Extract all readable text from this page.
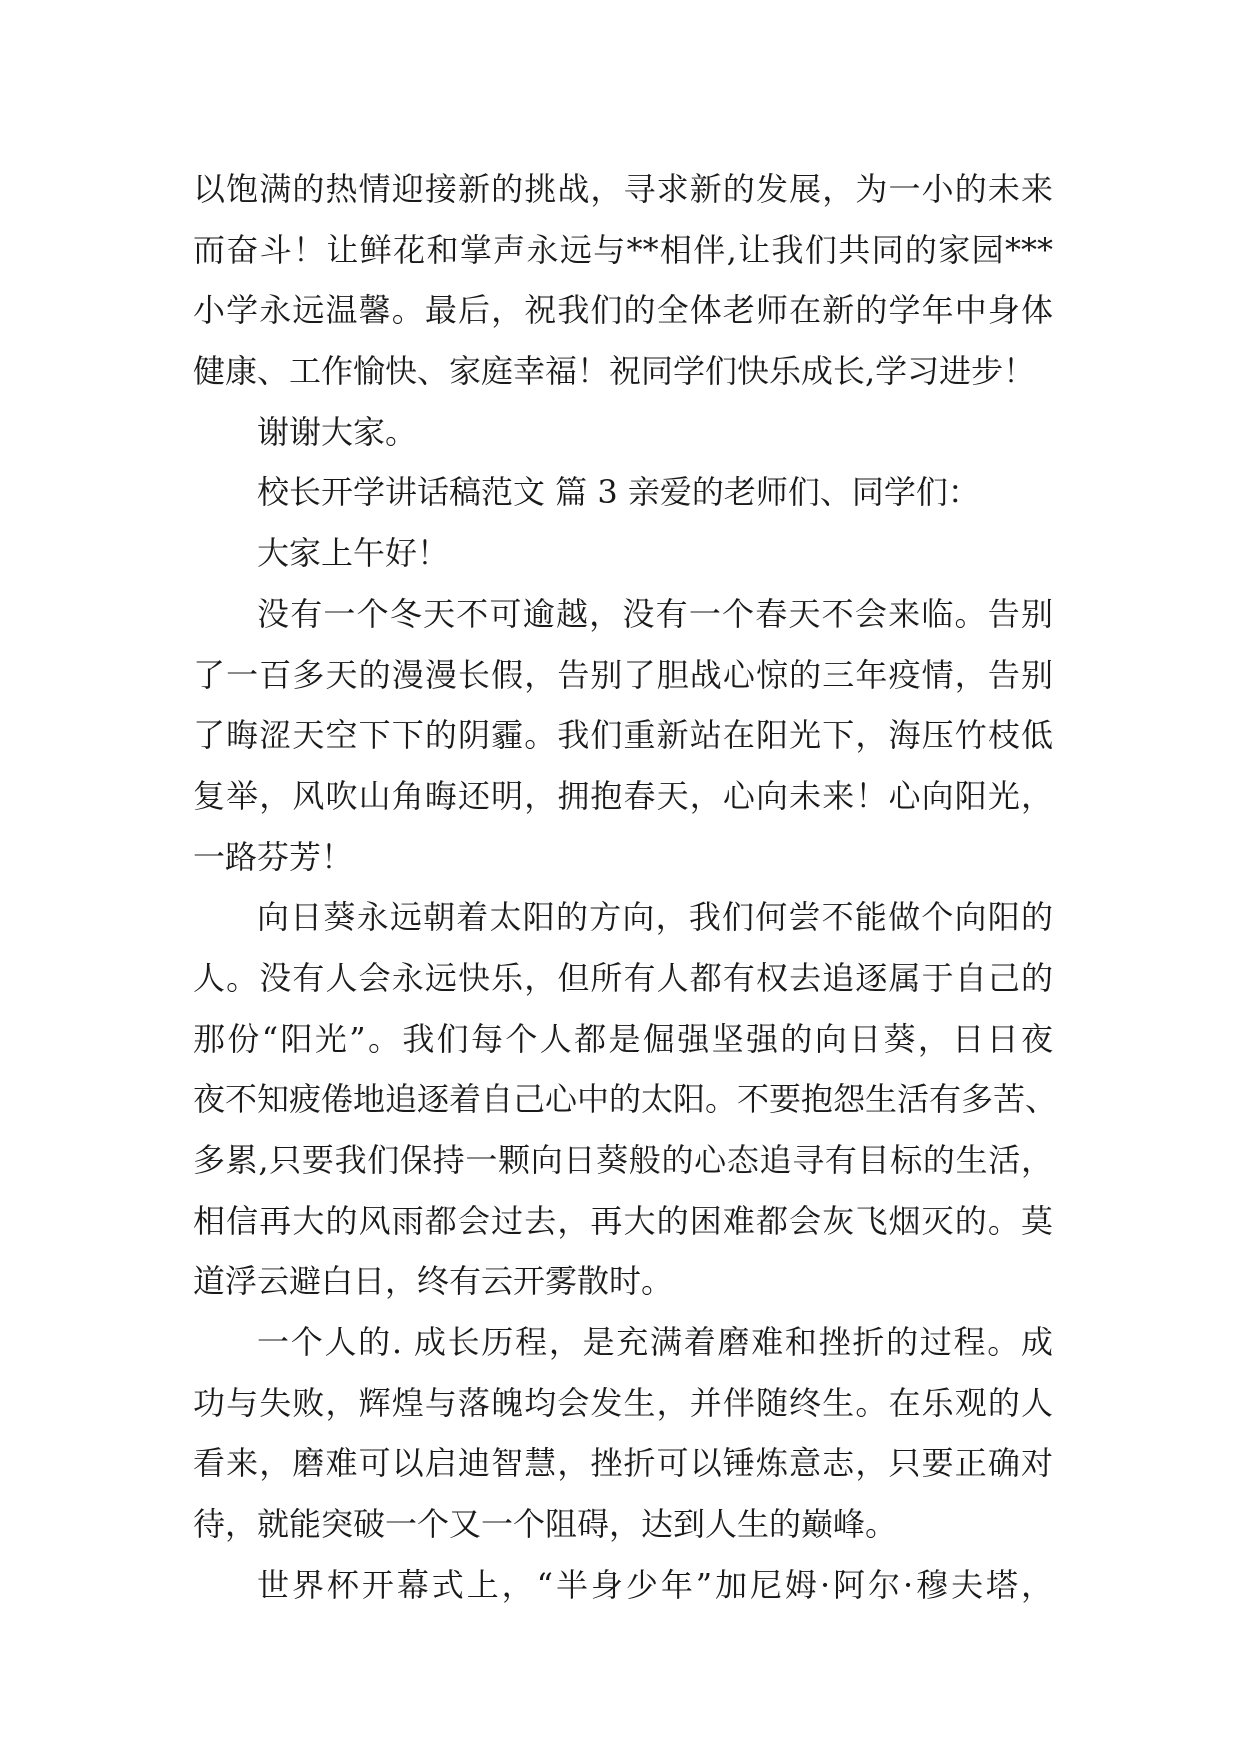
以饱满的热情迎接新的挑战，寻求新的发展，为一小的未来
而奋斗！让鲜花和掌声永远与**相伴,让我们共同的家园***
小学永远温馨。最后，祝我们的全体老师在新的学年中身体
健康、工作愉快、家庭幸福！祝同学们快乐成长,学习进步！
谢谢大家。
校长开学讲话稿范文 篇 3 亲爱的老师们、同学们：
大家上午好！
没有一个冬天不可逾越，没有一个春天不会来临。告别
了一百多天的漫漫长假，告别了胆战心惊的三年疫情，告别
了晦涩天空下下的阴霾。我们重新站在阳光下，海压竹枝低
复举，风吹山角晦还明，拥抱春天，心向未来！心向阳光，
一路芬芳！
向日葵永远朝着太阳的方向，我们何尝不能做个向阳的
人。没有人会永远快乐，但所有人都有权去追逐属于自己的
那份“阳光”。我们每个人都是倔强坚强的向日葵，日日夜
夜不知疲倦地追逐着自己心中的太阳。不要抱怨生活有多苦、
多累,只要我们保持一颗向日葵般的心态追寻有目标的生活，
相信再大的风雨都会过去，再大的困难都会灰飞烟灭的。莫
道浮云避白日，终有云开雾散时。
一个人的. 成长历程，是充满着磨难和挫折的过程。成
功与失败，辉煌与落魄均会发生，并伴随终生。在乐观的人
看来，磨难可以启迪智慧，挫折可以锤炼意志，只要正确对
待，就能突破一个又一个阻碍，达到人生的巅峰。
世界杯开幕式上，“半身少年”加尼姆·阿尔·穆夫塔，
